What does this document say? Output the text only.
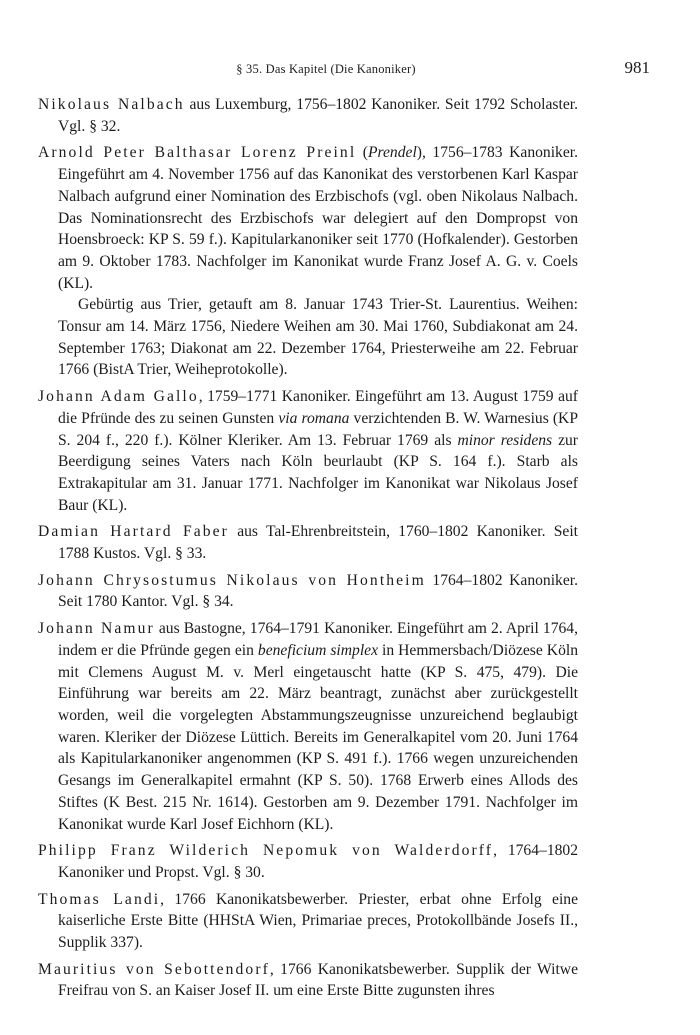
§ 35. Das Kapitel (Die Kanoniker)	981

Nikolaus Nalbach aus Luxemburg, 1756–1802 Kanoniker. Seit 1792 Scholaster. Vgl. § 32.

Arnold Peter Balthasar Lorenz Preinl (Prendel), 1756–1783 Kanoniker. Eingeführt am 4. November 1756 auf das Kanonikat des verstorbenen Karl Kaspar Nalbach aufgrund einer Nomination des Erzbischofs (vgl. oben Nikolaus Nalbach. Das Nominationsrecht des Erzbischofs war delegiert auf den Dompropst von Hoensbroeck: KP S. 59 f.). Kapitularkanoniker seit 1770 (Hofkalender). Gestorben am 9. Oktober 1783. Nachfolger im Kanonikat wurde Franz Josef A. G. v. Coels (KL).

Gebürtig aus Trier, getauft am 8. Januar 1743 Trier-St. Laurentius. Weihen: Tonsur am 14. März 1756, Niedere Weihen am 30. Mai 1760, Subdiakonat am 24. September 1763; Diakonat am 22. Dezember 1764, Priesterweihe am 22. Februar 1766 (BistA Trier, Weiheprotokolle).

Johann Adam Gallo, 1759–1771 Kanoniker. Eingeführt am 13. August 1759 auf die Pfründe des zu seinen Gunsten via romana verzichtenden B. W. Warnesius (KP S. 204 f., 220 f.). Kölner Kleriker. Am 13. Februar 1769 als minor residens zur Beerdigung seines Vaters nach Köln beurlaubt (KP S. 164 f.). Starb als Extrakapitular am 31. Januar 1771. Nachfolger im Kanonikat war Nikolaus Josef Baur (KL).

Damian Hartard Faber aus Tal-Ehrenbreitstein, 1760–1802 Kanoniker. Seit 1788 Kustos. Vgl. § 33.

Johann Chrysostumus Nikolaus von Hontheim 1764–1802 Kanoniker. Seit 1780 Kantor. Vgl. § 34.

Johann Namur aus Bastogne, 1764–1791 Kanoniker. Eingeführt am 2. April 1764, indem er die Pfründe gegen ein beneficium simplex in Hemmersbach/Diözese Köln mit Clemens August M. v. Merl eingetauscht hatte (KP S. 475, 479). Die Einführung war bereits am 22. März beantragt, zunächst aber zurückgestellt worden, weil die vorgelegten Abstammungszeugnisse unzureichend beglaubigt waren. Kleriker der Diözese Lüttich. Bereits im Generalkapitel vom 20. Juni 1764 als Kapitularkanoniker angenommen (KP S. 491 f.). 1766 wegen unzureichenden Gesangs im Generalkapitel ermahnt (KP S. 50). 1768 Erwerb eines Allods des Stiftes (K Best. 215 Nr. 1614). Gestorben am 9. Dezember 1791. Nachfolger im Kanonikat wurde Karl Josef Eichhorn (KL).

Philipp Franz Wilderich Nepomuk von Walderdorff, 1764–1802 Kanoniker und Propst. Vgl. § 30.

Thomas Landi, 1766 Kanonikatsbewerber. Priester, erbat ohne Erfolg eine kaiserliche Erste Bitte (HHStA Wien, Primariae preces, Protokollbände Josefs II., Supplik 337).

Mauritius von Sebottendorf, 1766 Kanonikatsbewerber. Supplik der Witwe Freifrau von S. an Kaiser Josef II. um eine Erste Bitte zugunsten ihres
